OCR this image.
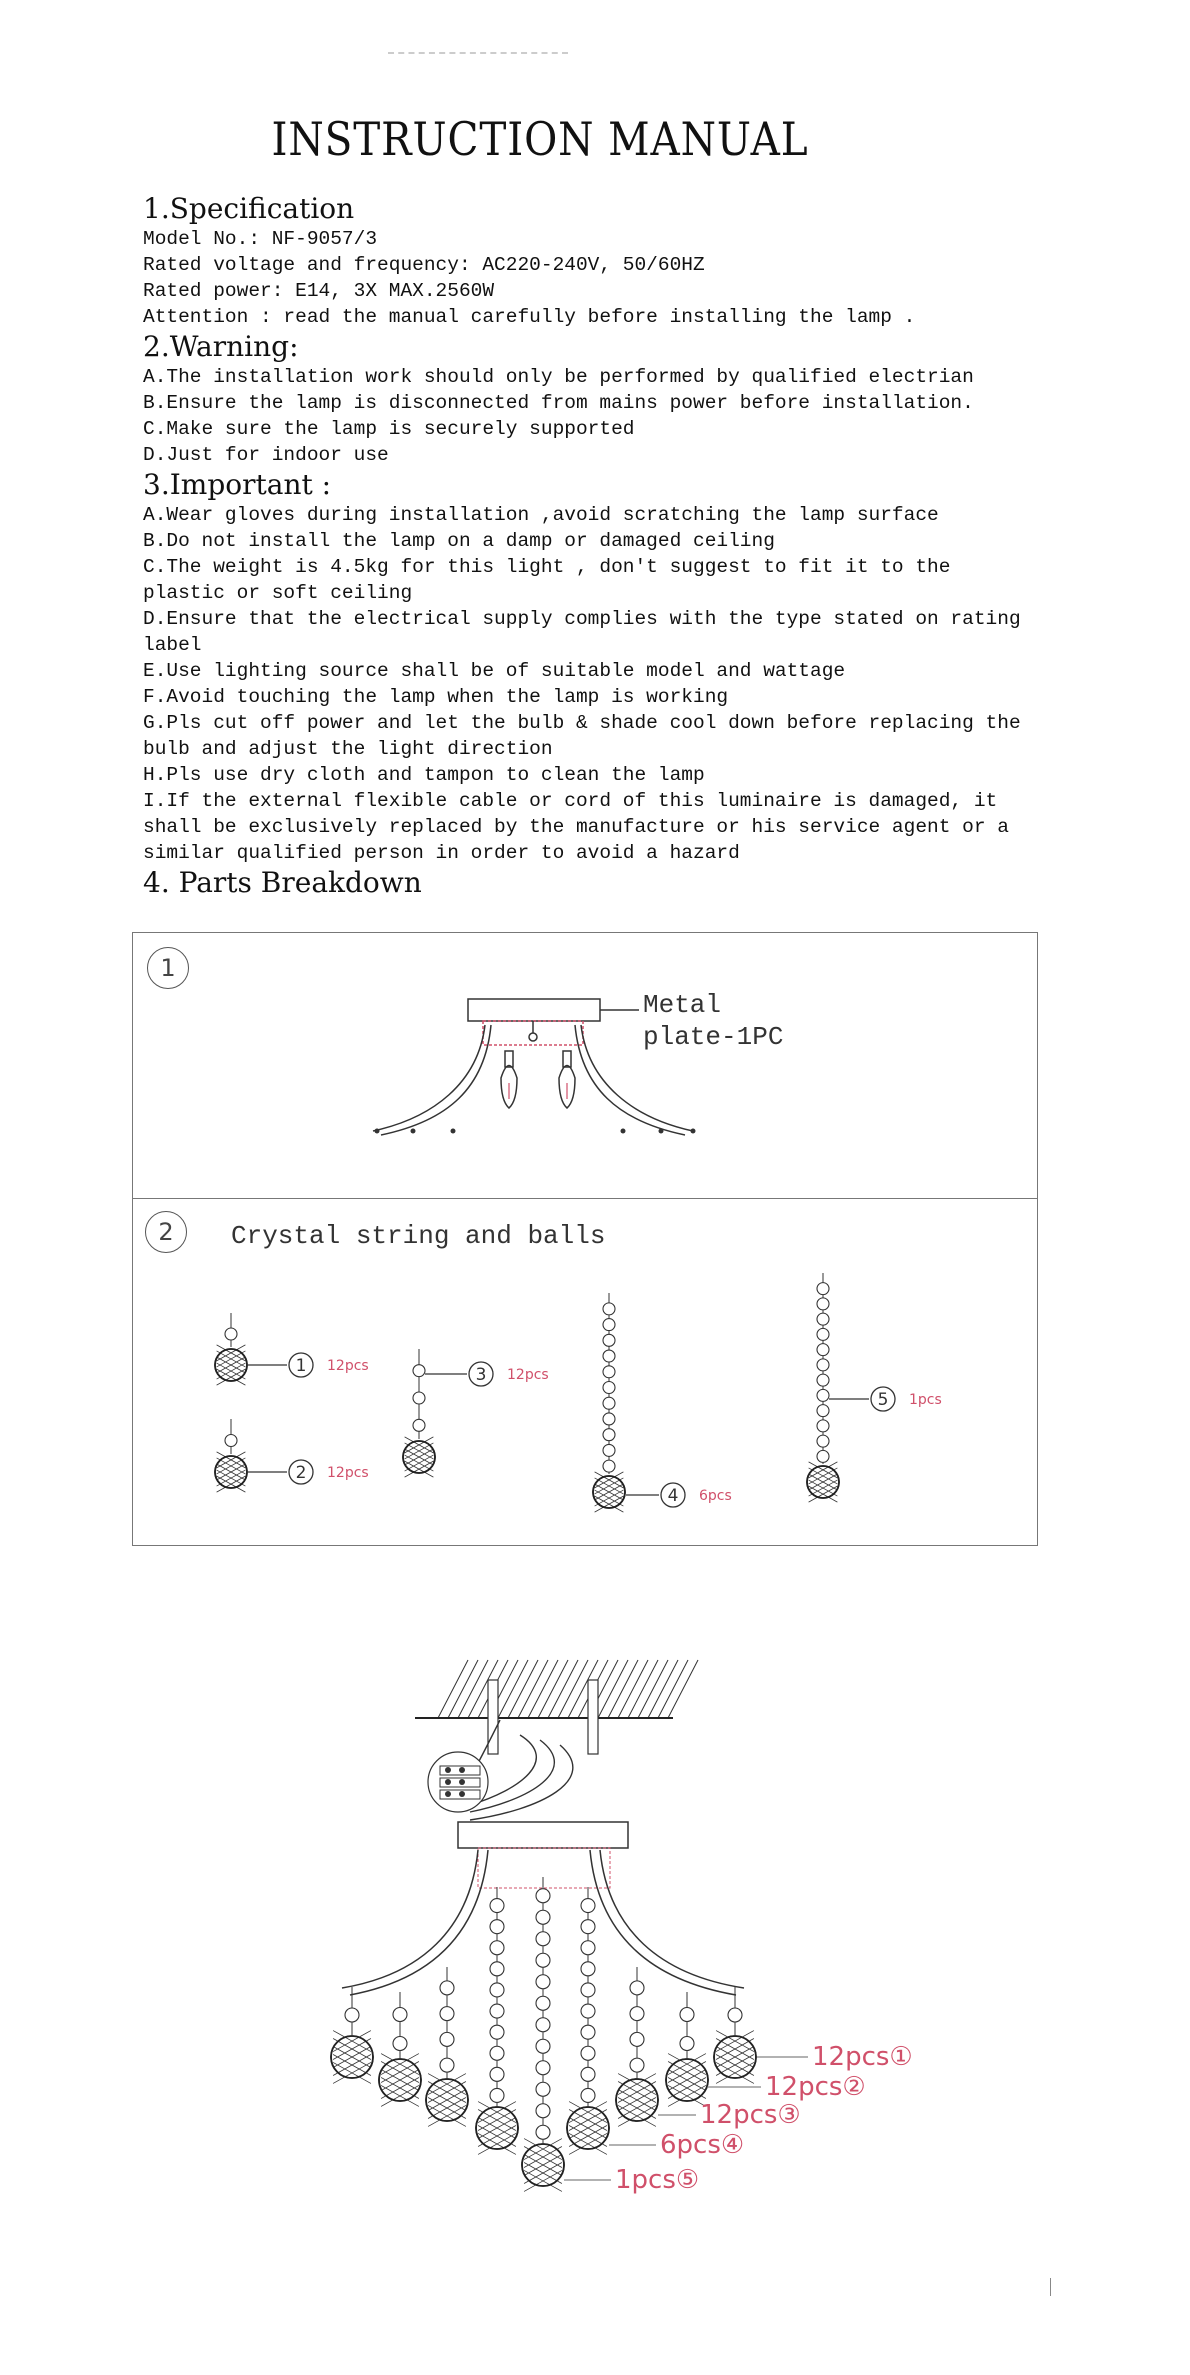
INSTRUCTION MANUAL

1.Specification

Model No.: NF-9057/3

Rated voltage and frequency: AC220-240V, 50/60HZ

Rated power: E14, 3X MAX.2560W

Attention : read the manual carefully before installing the lamp .

2.Warning:

A.The installation work should only be performed by qualified electrian

B.Ensure the lamp is disconnected from mains power before installation.

C.Make sure the lamp is securely supported

D.Just for indoor use

3.Important :

A.Wear gloves during installation ,avoid scratching the lamp surface

B.Do not install the lamp on a damp or damaged ceiling

C.The weight is 4.5kg for this light , don't suggest to fit it to the
plastic or soft ceiling

D.Ensure that the electrical supply complies with the type stated on rating
label

E.Use lighting source shall be of suitable model and wattage

F.Avoid touching the lamp when the lamp is working

G.Pls cut off power and let the bulb & shade cool down before replacing the
bulb and adjust the light direction

H.Pls use dry cloth and tampon to clean the lamp

I.If the external flexible cable or cord of this luminaire is damaged, it
shall be exclusively replaced by the manufacture or his service agent or a
similar qualified person in order to avoid a hazard

4. Parts Breakdown

1
Metal
plate-1PC
2	Crystal string and balls
1 12pcs
2 12pcs
3 12pcs
4 6pcs
5 1pcs
12pcs①
12pcs②
12pcs③
6pcs④
1pcs⑤
